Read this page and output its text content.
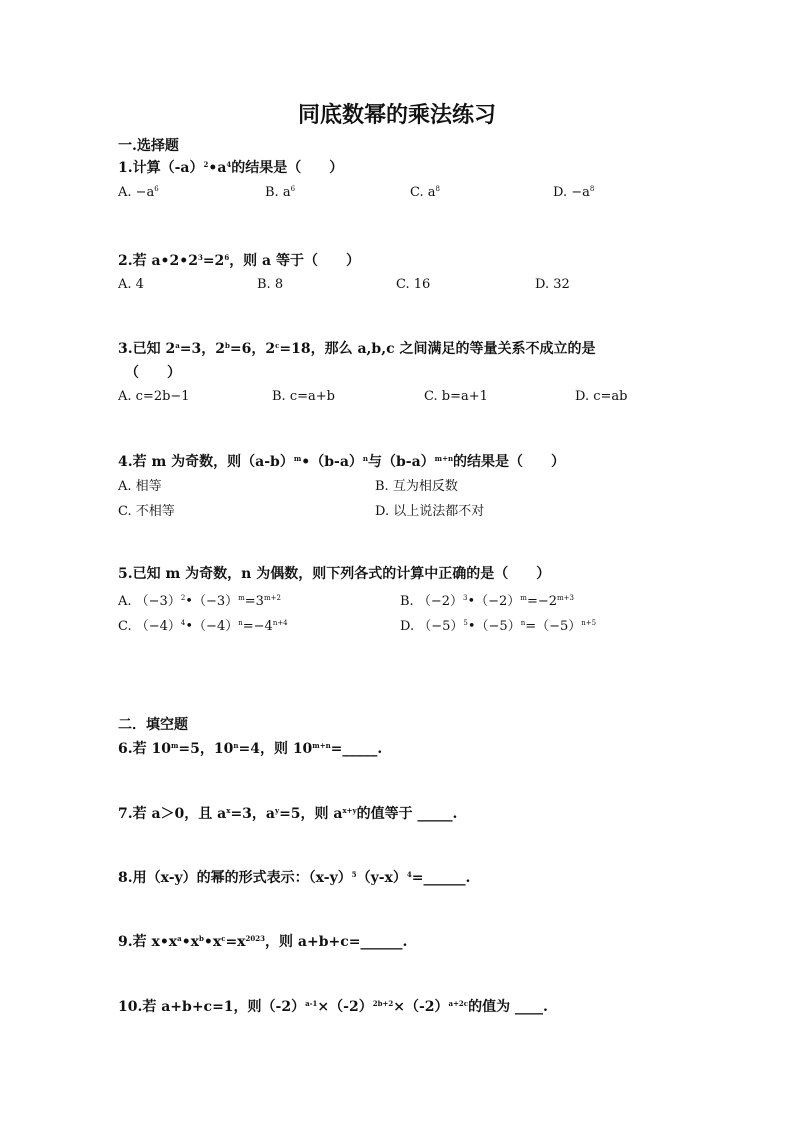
同底数幂的乘法练习
一.选择题
1.计算$(-a)^2•a^4$的结果是（　　）
A. $-a^6$	B. $a^6$	C. $a^8$	D. $-a^8$
2.若 $a•2•2^3=2^6$，则 a 等于（　　）
A. 4	B. 8	C. 16	D. 32
3.已知 $2^a=3$，$2^b=6$，$2^c=18$，那么 a,b,c 之间满足的等量关系不成立的是
（　　）
A. c=2b−1	B. c=a+b	C. b=a+1	D. c=ab
4.若 m 为奇数，则$(a-b)^m•(b-a)^n$与$(b-a)^{m+n}$的结果是（　　）
A. 相等	B. 互为相反数
C. 不相等	D. 以上说法都不对
5.已知 m 为奇数，n 为偶数，则下列各式的计算中正确的是（　　）
A. $(-3)^2•(-3)^m=3^{m+2}$	B. $(-2)^3•(-2)^m=-2^{m+3}$
C. $(-4)^4•(-4)^n=-4^{n+4}$	D. $(-5)^5•(-5)^n=(-5)^{n+5}$
二．填空题
6.若 $10^m=5$，$10^n=4$，则 $10^{m+n}=\_\_\_\_\_$.
7.若 a＞0，且 $a^x=3$，$a^y=5$，则 $a^{x+y}$的值等于 _____.
8.用（x-y）的幂的形式表示：$(x-y)^5(y-x)^4=\_\_\_\_\_\_$.
9.若 $x•x^a•x^b•x^c=x^{2023}$，则 a+b+c=______.
10.若 a+b+c=1，则$(-2)^{a-1}\times(-2)^{2b+2}\times(-2)^{a+2c}$的值为 ____.
